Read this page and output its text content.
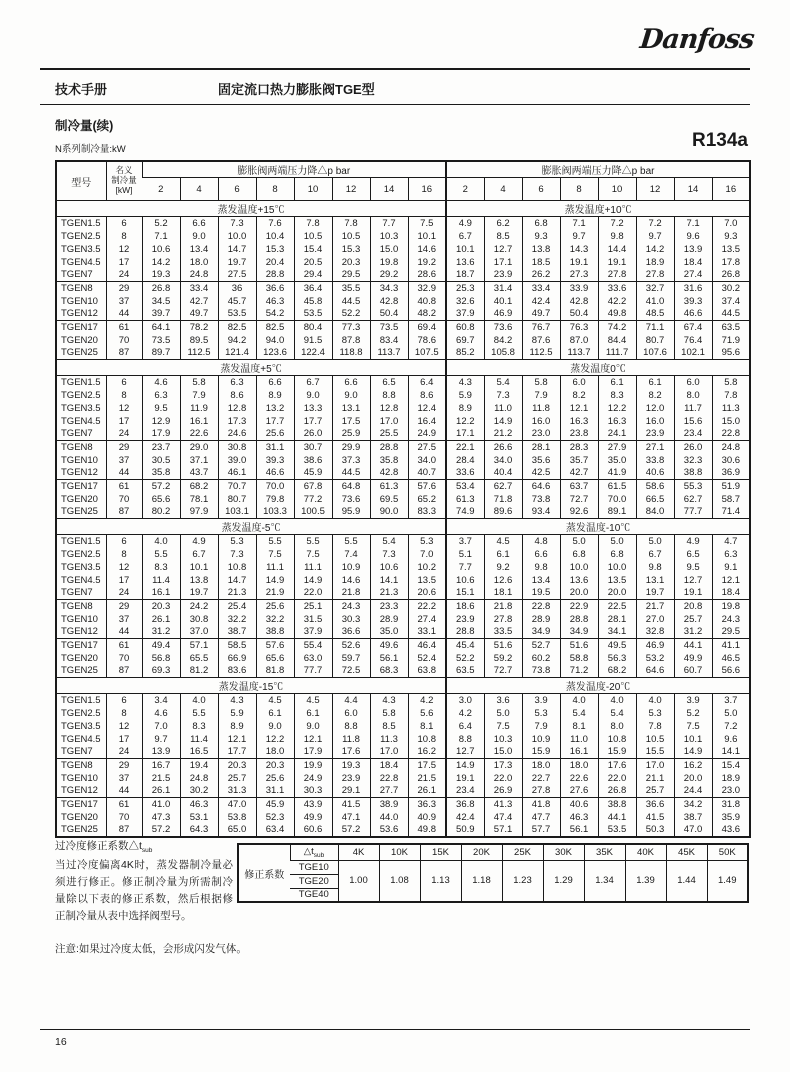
Danfoss
技术手册	固定流口热力膨胀阀TGE型
制冷量(续)
N系列制冷量:kW	R134a
型号	名义
制冷量
[kW]	膨胀阀两端压力降△p bar								膨胀阀两端压力降△p bar							
		2	4	6	8	10	12	14	16	2	4	6	8	10	12	14	16
蒸发温度+15℃										蒸发温度+10℃							
TGEN1.5	6	5.2	6.6	7.3	7.6	7.8	7.8	7.7	7.5	4.9	6.2	6.8	7.1	7.2	7.2	7.1	7.0
TGEN2.5	8	7.1	9.0	10.0	10.4	10.5	10.5	10.3	10.1	6.7	8.5	9.3	9.7	9.8	9.7	9.6	9.3
TGEN3.5	12	10.6	13.4	14.7	15.3	15.4	15.3	15.0	14.6	10.1	12.7	13.8	14.3	14.4	14.2	13.9	13.5
TGEN4.5	17	14.2	18.0	19.7	20.4	20.5	20.3	19.8	19.2	13.6	17.1	18.5	19.1	19.1	18.9	18.4	17.8
TGEN7	24	19.3	24.8	27.5	28.8	29.4	29.5	29.2	28.6	18.7	23.9	26.2	27.3	27.8	27.8	27.4	26.8
TGEN8	29	26.8	33.4	36	36.6	36.4	35.5	34.3	32.9	25.3	31.4	33.4	33.9	33.6	32.7	31.6	30.2
TGEN10	37	34.5	42.7	45.7	46.3	45.8	44.5	42.8	40.8	32.6	40.1	42.4	42.8	42.2	41.0	39.3	37.4
TGEN12	44	39.7	49.7	53.5	54.2	53.5	52.2	50.4	48.2	37.9	46.9	49.7	50.4	49.8	48.5	46.6	44.5
TGEN17	61	64.1	78.2	82.5	82.5	80.4	77.3	73.5	69.4	60.8	73.6	76.7	76.3	74.2	71.1	67.4	63.5
TGEN20	70	73.5	89.5	94.2	94.0	91.5	87.8	83.4	78.6	69.7	84.2	87.6	87.0	84.4	80.7	76.4	71.9
TGEN25	87	89.7	112.5	121.4	123.6	122.4	118.8	113.7	107.5	85.2	105.8	112.5	113.7	111.7	107.6	102.1	95.6
蒸发温度+5℃										蒸发温度0℃							
TGEN1.5	6	4.6	5.8	6.3	6.6	6.7	6.6	6.5	6.4	4.3	5.4	5.8	6.0	6.1	6.1	6.0	5.8
TGEN2.5	8	6.3	7.9	8.6	8.9	9.0	9.0	8.8	8.6	5.9	7.3	7.9	8.2	8.3	8.2	8.0	7.8
TGEN3.5	12	9.5	11.9	12.8	13.2	13.3	13.1	12.8	12.4	8.9	11.0	11.8	12.1	12.2	12.0	11.7	11.3
TGEN4.5	17	12.9	16.1	17.3	17.7	17.7	17.5	17.0	16.4	12.2	14.9	16.0	16.3	16.3	16.0	15.6	15.0
TGEN7	24	17.9	22.6	24.6	25.6	26.0	25.9	25.5	24.9	17.1	21.2	23.0	23.8	24.1	23.9	23.4	22.8
TGEN8	29	23.7	29.0	30.8	31.1	30.7	29.9	28.8	27.5	22.1	26.6	28.1	28.3	27.9	27.1	26.0	24.8
TGEN10	37	30.5	37.1	39.0	39.3	38.6	37.3	35.8	34.0	28.4	34.0	35.6	35.7	35.0	33.8	32.3	30.6
TGEN12	44	35.8	43.7	46.1	46.6	45.9	44.5	42.8	40.7	33.6	40.4	42.5	42.7	41.9	40.6	38.8	36.9
TGEN17	61	57.2	68.2	70.7	70.0	67.8	64.8	61.3	57.6	53.4	62.7	64.6	63.7	61.5	58.6	55.3	51.9
TGEN20	70	65.6	78.1	80.7	79.8	77.2	73.6	69.5	65.2	61.3	71.8	73.8	72.7	70.0	66.5	62.7	58.7
TGEN25	87	80.2	97.9	103.1	103.3	100.5	95.9	90.0	83.3	74.9	89.6	93.4	92.6	89.1	84.0	77.7	71.4
蒸发温度-5℃										蒸发温度-10℃							
TGEN1.5	6	4.0	4.9	5.3	5.5	5.5	5.5	5.4	5.3	3.7	4.5	4.8	5.0	5.0	5.0	4.9	4.7
TGEN2.5	8	5.5	6.7	7.3	7.5	7.5	7.4	7.3	7.0	5.1	6.1	6.6	6.8	6.8	6.7	6.5	6.3
TGEN3.5	12	8.3	10.1	10.8	11.1	11.1	10.9	10.6	10.2	7.7	9.2	9.8	10.0	10.0	9.8	9.5	9.1
TGEN4.5	17	11.4	13.8	14.7	14.9	14.9	14.6	14.1	13.5	10.6	12.6	13.4	13.6	13.5	13.1	12.7	12.1
TGEN7	24	16.1	19.7	21.3	21.9	22.0	21.8	21.3	20.6	15.1	18.1	19.5	20.0	20.0	19.7	19.1	18.4
TGEN8	29	20.3	24.2	25.4	25.6	25.1	24.3	23.3	22.2	18.6	21.8	22.8	22.9	22.5	21.7	20.8	19.8
TGEN10	37	26.1	30.8	32.2	32.2	31.5	30.3	28.9	27.4	23.9	27.8	28.9	28.8	28.1	27.0	25.7	24.3
TGEN12	44	31.2	37.0	38.7	38.8	37.9	36.6	35.0	33.1	28.8	33.5	34.9	34.9	34.1	32.8	31.2	29.5
TGEN17	61	49.4	57.1	58.5	57.6	55.4	52.6	49.6	46.4	45.4	51.6	52.7	51.6	49.5	46.9	44.1	41.1
TGEN20	70	56.8	65.5	66.9	65.6	63.0	59.7	56.1	52.4	52.2	59.2	60.2	58.8	56.3	53.2	49.9	46.5
TGEN25	87	69.3	81.2	83.6	81.8	77.7	72.5	68.3	63.8	63.5	72.7	73.8	71.2	68.2	64.6	60.7	56.6
蒸发温度-15℃										蒸发温度-20℃							
TGEN1.5	6	3.4	4.0	4.3	4.5	4.5	4.4	4.3	4.2	3.0	3.6	3.9	4.0	4.0	4.0	3.9	3.7
TGEN2.5	8	4.6	5.5	5.9	6.1	6.1	6.0	5.8	5.6	4.2	5.0	5.3	5.4	5.4	5.3	5.2	5.0
TGEN3.5	12	7.0	8.3	8.9	9.0	9.0	8.8	8.5	8.1	6.4	7.5	7.9	8.1	8.0	7.8	7.5	7.2
TGEN4.5	17	9.7	11.4	12.1	12.2	12.1	11.8	11.3	10.8	8.8	10.3	10.9	11.0	10.8	10.5	10.1	9.6
TGEN7	24	13.9	16.5	17.7	18.0	17.9	17.6	17.0	16.2	12.7	15.0	15.9	16.1	15.9	15.5	14.9	14.1
TGEN8	29	16.7	19.4	20.3	20.3	19.9	19.3	18.4	17.5	14.9	17.3	18.0	18.0	17.6	17.0	16.2	15.4
TGEN10	37	21.5	24.8	25.7	25.6	24.9	23.9	22.8	21.5	19.1	22.0	22.7	22.6	22.0	21.1	20.0	18.9
TGEN12	44	26.1	30.2	31.3	31.1	30.3	29.1	27.7	26.1	23.4	26.9	27.8	27.6	26.8	25.7	24.4	23.0
TGEN17	61	41.0	46.3	47.0	45.9	43.9	41.5	38.9	36.3	36.8	41.3	41.8	40.6	38.8	36.6	34.2	31.8
TGEN20	70	47.3	53.1	53.8	52.3	49.9	47.1	44.0	40.9	42.4	47.4	47.7	46.3	44.1	41.5	38.7	35.9
TGEN25	87	57.2	64.3	65.0	63.4	60.6	57.2	53.6	49.8	50.9	57.1	57.7	56.1	53.5	50.3	47.0	43.6
过冷度修正系数$\triangle t_{sub}$
当过冷度偏离4K时，蒸发器制冷量必须进行修正。修正制冷量为所需制冷量除以下表的修正系数，然后根据修正制冷量从表中选择阀型号。
修正系数	$\triangle t_{sub}$	4K	10K	15K	20K	25K	30K	35K	40K	45K	50K
	TGE10	1.00	1.08	1.13	1.18	1.23	1.29	1.34	1.39	1.44	1.49
	TGE20										
	TGE40										
注意:如果过冷度太低，会形成闪发气体。
16
